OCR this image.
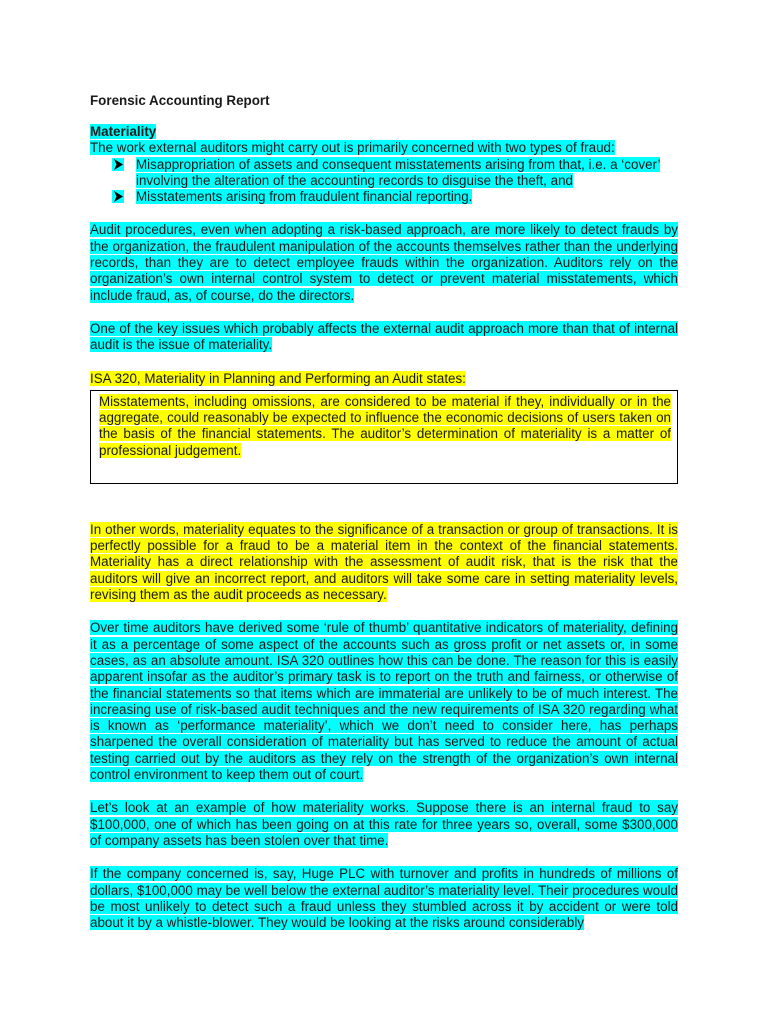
Forensic Accounting Report
Materiality

The work external auditors might carry out is primarily concerned with two types of fraud:

Misappropriation of assets and consequent misstatements arising from that, i.e. a ‘cover’ involving the alteration of the accounting records to disguise the theft, and
Misstatements arising from fraudulent financial reporting.

Audit procedures, even when adopting a risk-based approach, are more likely to detect frauds by the organization, the fraudulent manipulation of the accounts themselves rather than the underlying records, than they are to detect employee frauds within the organization. Auditors rely on the organization’s own internal control system to detect or prevent material misstatements, which include fraud, as, of course, do the directors.

One of the key issues which probably affects the external audit approach more than that of internal audit is the issue of materiality.

ISA 320, Materiality in Planning and Performing an Audit states:

Misstatements, including omissions, are considered to be material if they, individually or in the aggregate, could reasonably be expected to influence the economic decisions of users taken on the basis of the financial statements. The auditor’s determination of materiality is a matter of professional judgement.

In other words, materiality equates to the significance of a transaction or group of transactions. It is perfectly possible for a fraud to be a material item in the context of the financial statements. Materiality has a direct relationship with the assessment of audit risk, that is the risk that the auditors will give an incorrect report, and auditors will take some care in setting materiality levels, revising them as the audit proceeds as necessary.

Over time auditors have derived some ‘rule of thumb’ quantitative indicators of materiality, defining it as a percentage of some aspect of the accounts such as gross profit or net assets or, in some cases, as an absolute amount. ISA 320 outlines how this can be done. The reason for this is easily apparent insofar as the auditor’s primary task is to report on the truth and fairness, or otherwise of the financial statements so that items which are immaterial are unlikely to be of much interest. The increasing use of risk-based audit techniques and the new requirements of ISA 320 regarding what is known as ‘performance materiality’, which we don’t need to consider here, has perhaps sharpened the overall consideration of materiality but has served to reduce the amount of actual testing carried out by the auditors as they rely on the strength of the organization’s own internal control environment to keep them out of court.

Let’s look at an example of how materiality works. Suppose there is an internal fraud to say $100,000, one of which has been going on at this rate for three years so, overall, some $300,000 of company assets has been stolen over that time.

If the company concerned is, say, Huge PLC with turnover and profits in hundreds of millions of dollars, $100,000 may be well below the external auditor’s materiality level. Their procedures would be most unlikely to detect such a fraud unless they stumbled across it by accident or were told about it by a whistle-blower. They would be looking at the risks around considerably
